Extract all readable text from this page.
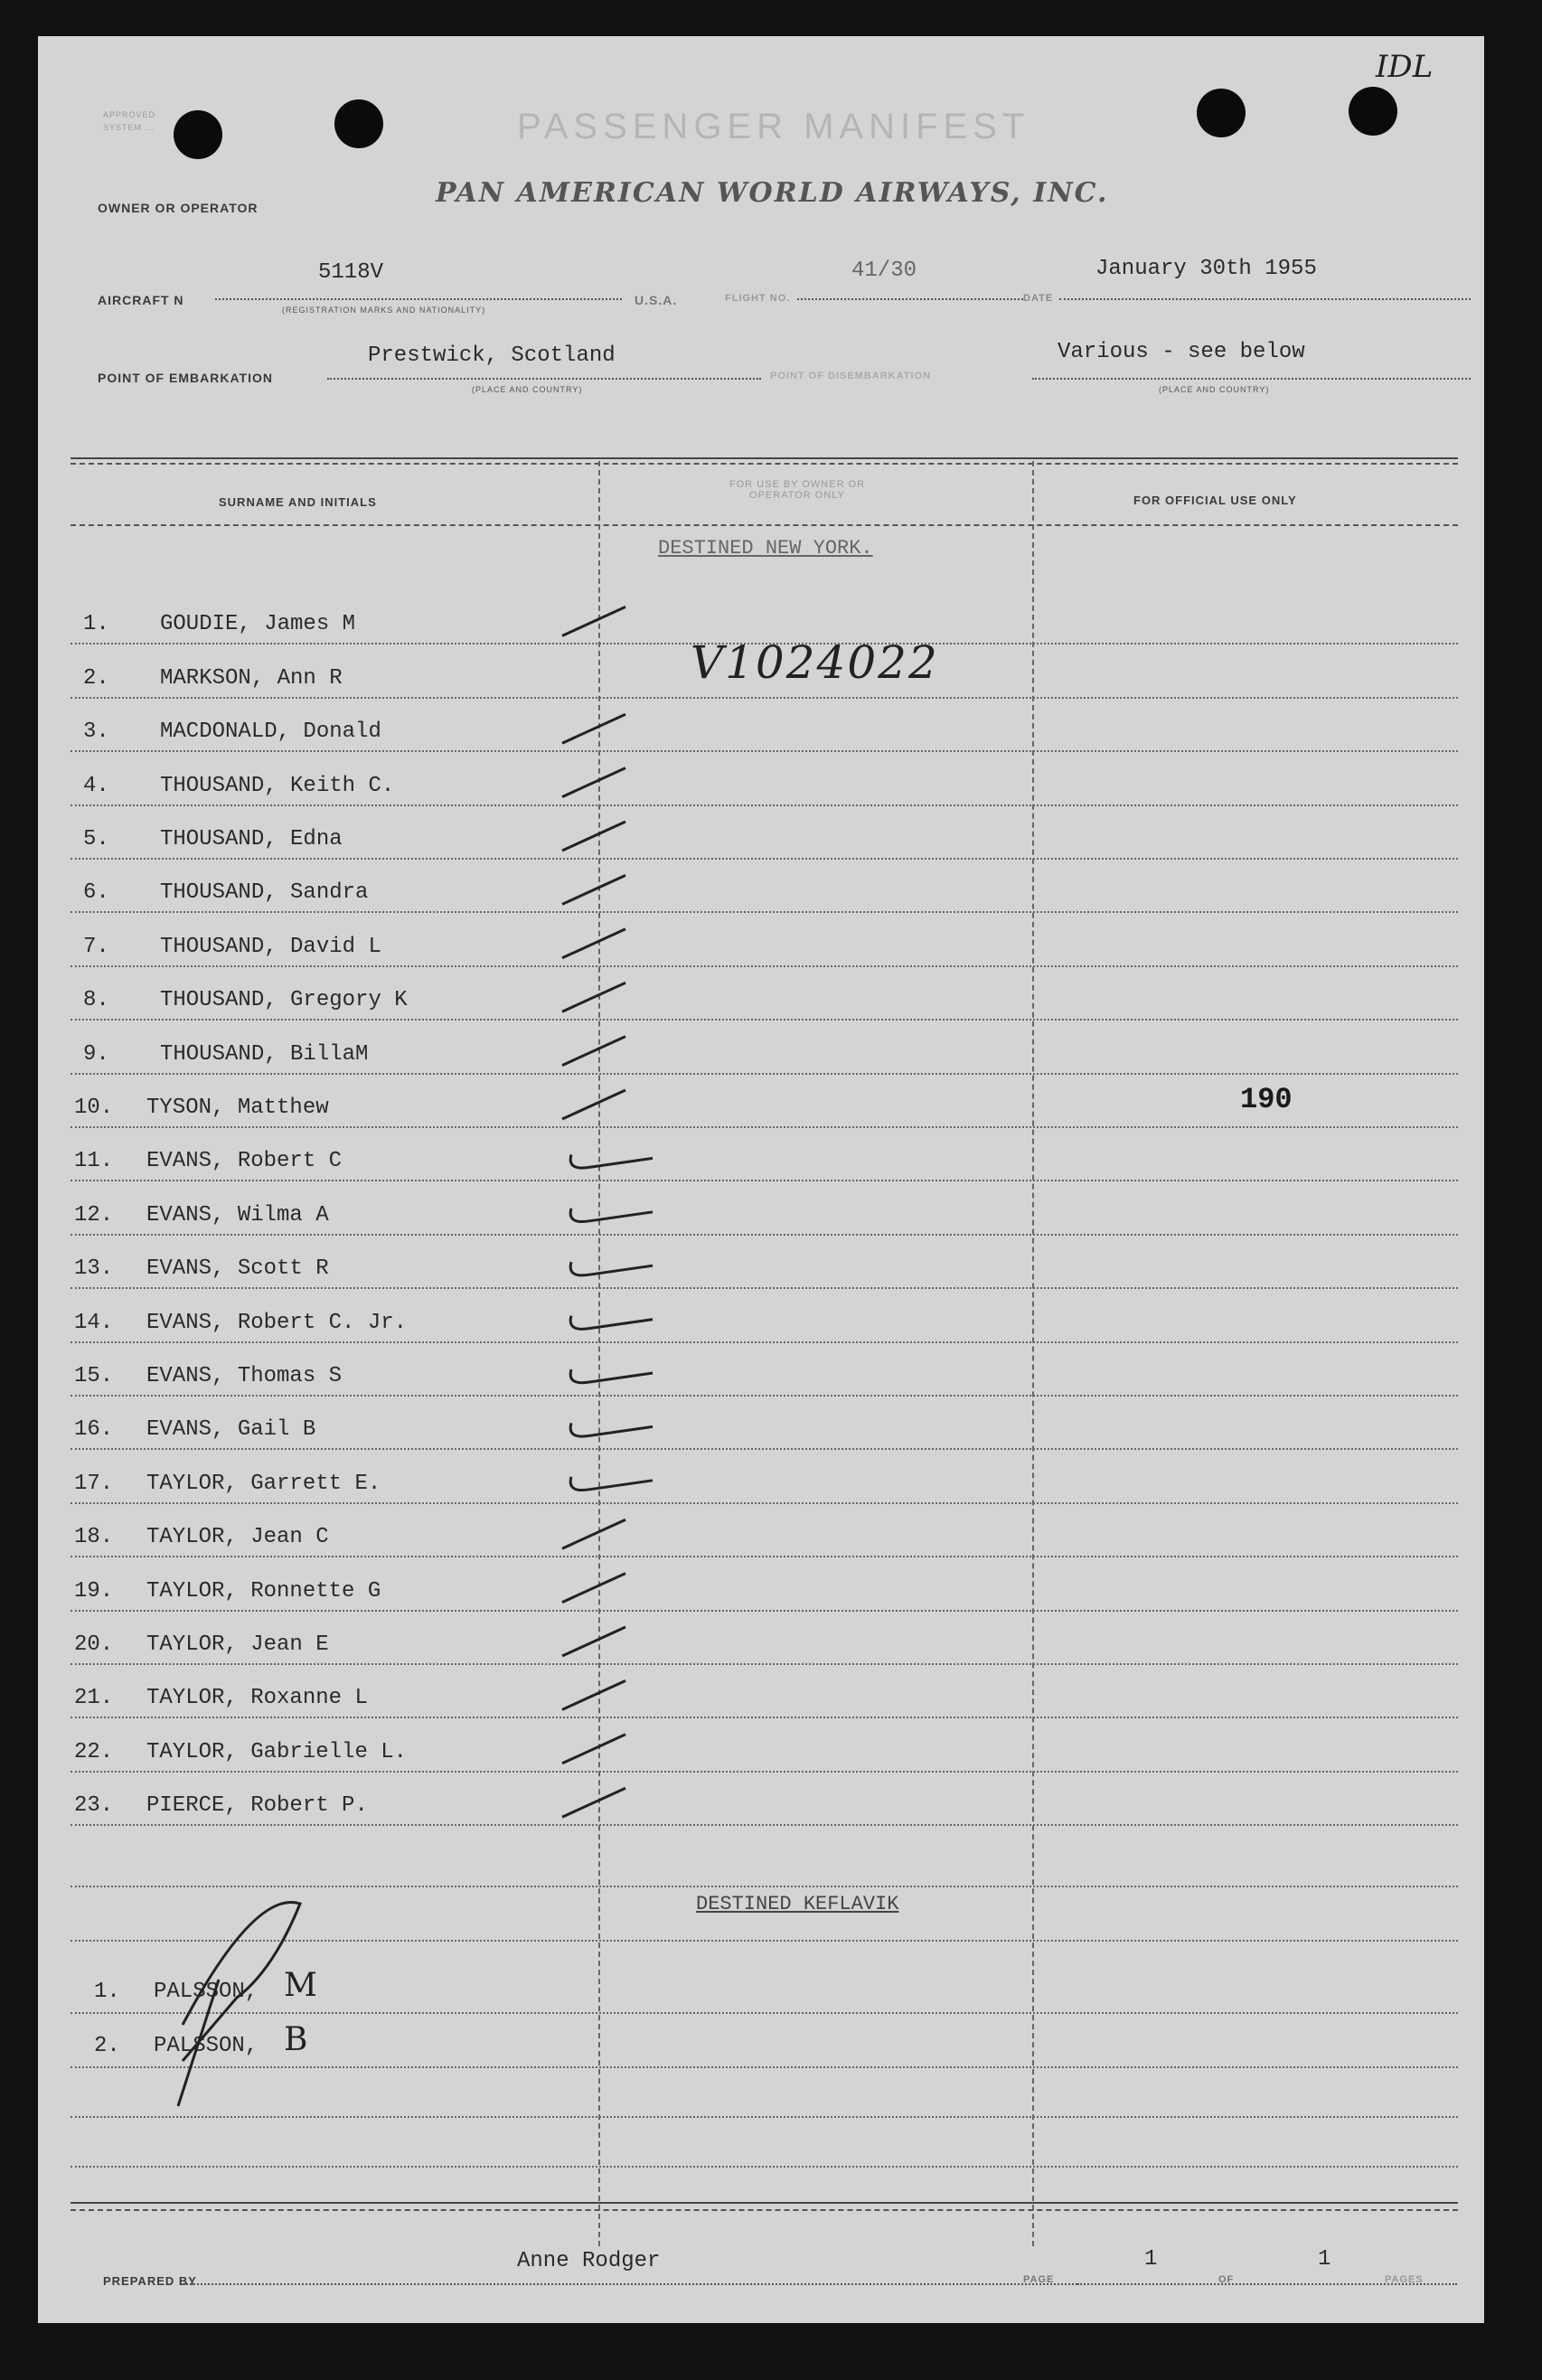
IDL
APPROVED
SYSTEM ...	PASSENGER MANIFEST
OWNER OR OPERATOR	PAN AMERICAN WORLD AIRWAYS, INC.
AIRCRAFT N
5118V
(REGISTRATION MARKS AND NATIONALITY)
U.S.A.	FLIGHT NO.
41/30
DATE
January 30th 1955
POINT OF EMBARKATION
Prestwick, Scotland
(PLACE AND COUNTRY)
POINT OF DISEMBARKATION
Various - see below
(PLACE AND COUNTRY)
SURNAME AND INITIALS
FOR USE BY OWNER OR OPERATOR ONLY	FOR OFFICIAL USE ONLY
DESTINED NEW YORK.
1. GOUDIE, James M
2. MARKSON, Ann R
3. MACDONALD, Donald
4. THOUSAND, Keith C.
5. THOUSAND, Edna
6. THOUSAND, Sandra
7. THOUSAND, David L
8. THOUSAND, Gregory K
9. THOUSAND, BillaM
10. TYSON, Matthew
11. EVANS, Robert C
12. EVANS, Wilma A
13. EVANS, Scott R
14. EVANS, Robert C. Jr.
15. EVANS, Thomas S
16. EVANS, Gail B
17. TAYLOR, Garrett E.
18. TAYLOR, Jean C
19. TAYLOR, Ronnette G
20. TAYLOR, Jean E
21. TAYLOR, Roxanne L
22. TAYLOR, Gabrielle L.
23. PIERCE, Robert P.
V1024022
190
DESTINED KEFLAVIK
1. PALSSON, M
2. PALSSON, B
PREPARED BY
Anne Rodger
PAGE
1
OF
1
PAGES
